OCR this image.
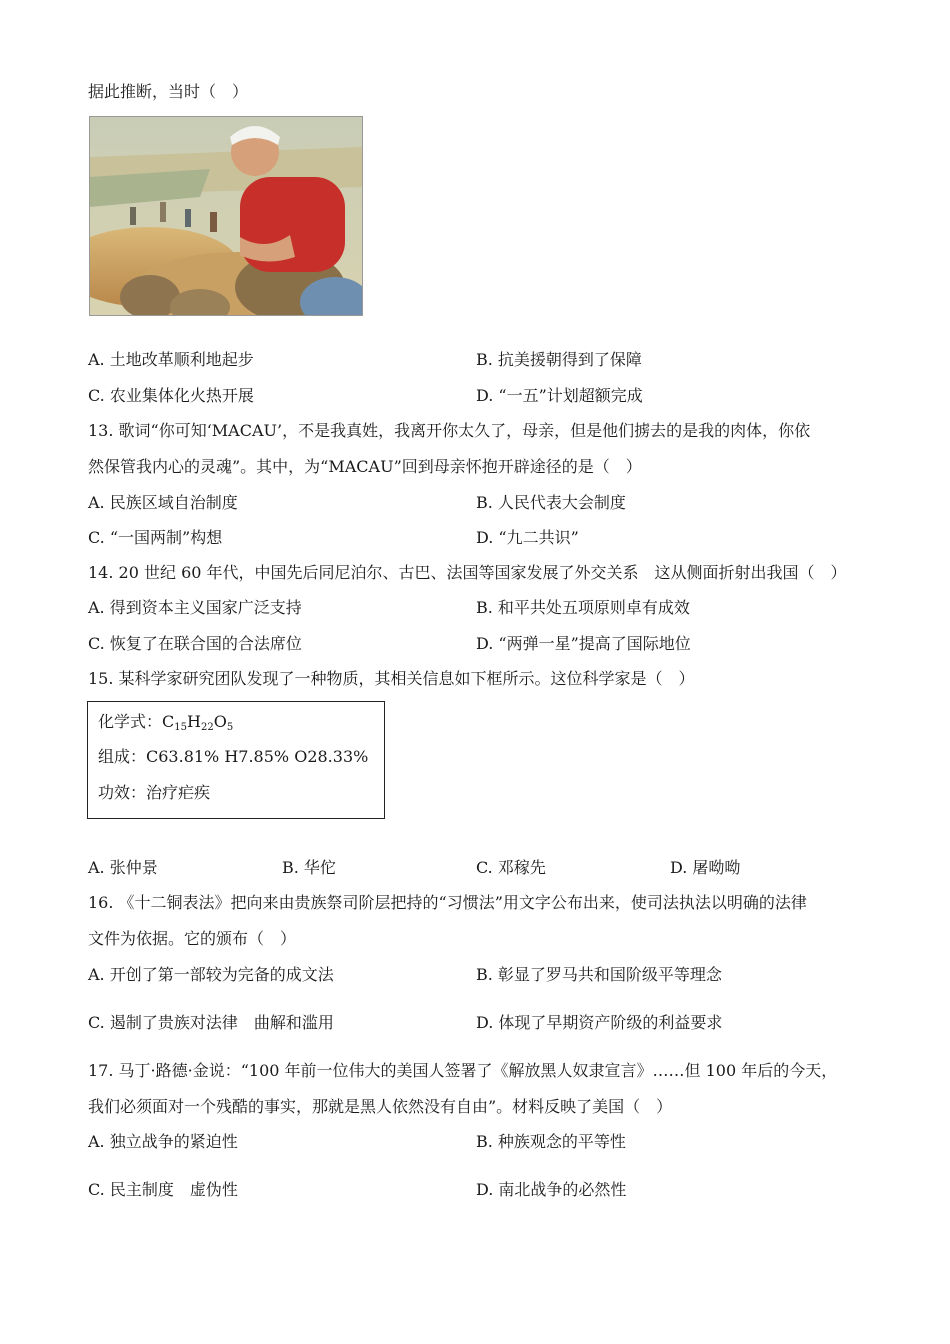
据此推断，当时（　）
A. 土地改革顺利地起步	B. 抗美援朝得到了保障
C. 农业集体化火热开展	D. “一五”计划超额完成
13. 歌词“你可知‘MACAU’，不是我真姓，我离开你太久了，母亲，但是他们掳去的是我的肉体，你依
然保管我内心的灵魂”。其中，为“MACAU”回到母亲怀抱开辟途径的是（　）
A. 民族区域自治制度	B. 人民代表大会制度
C. “一国两制”构想	D. “九二共识”
14. 20 世纪 60 年代，中国先后同尼泊尔、古巴、法国等国家发展了外交关系　这从侧面折射出我国（　）
A. 得到资本主义国家广泛支持	B. 和平共处五项原则卓有成效
C. 恢复了在联合国的合法席位	D. “两弹一星”提高了国际地位
15. 某科学家研究团队发现了一种物质，其相关信息如下框所示。这位科学家是（　）
化学式：$C_{15}H_{22}O_5$
组成：C63.81% H7.85% O28.33%
功效：治疗疟疾
A. 张仲景	B. 华佗	C. 邓稼先	D. 屠呦呦
16. 《十二铜表法》把向来由贵族祭司阶层把持的“习惯法”用文字公布出来，使司法执法以明确的法律
文件为依据。它的颁布（　）
A. 开创了第一部较为完备的成文法	B. 彰显了罗马共和国阶级平等理念
C. 遏制了贵族对法律　曲解和滥用	D. 体现了早期资产阶级的利益要求
17. 马丁·路德·金说：“100 年前一位伟大的美国人签署了《解放黑人奴隶宣言》……但 100 年后的今天，
我们必须面对一个残酷的事实，那就是黑人依然没有自由”。材料反映了美国（　）
A. 独立战争的紧迫性	B. 种族观念的平等性
C. 民主制度　虚伪性	D. 南北战争的必然性
